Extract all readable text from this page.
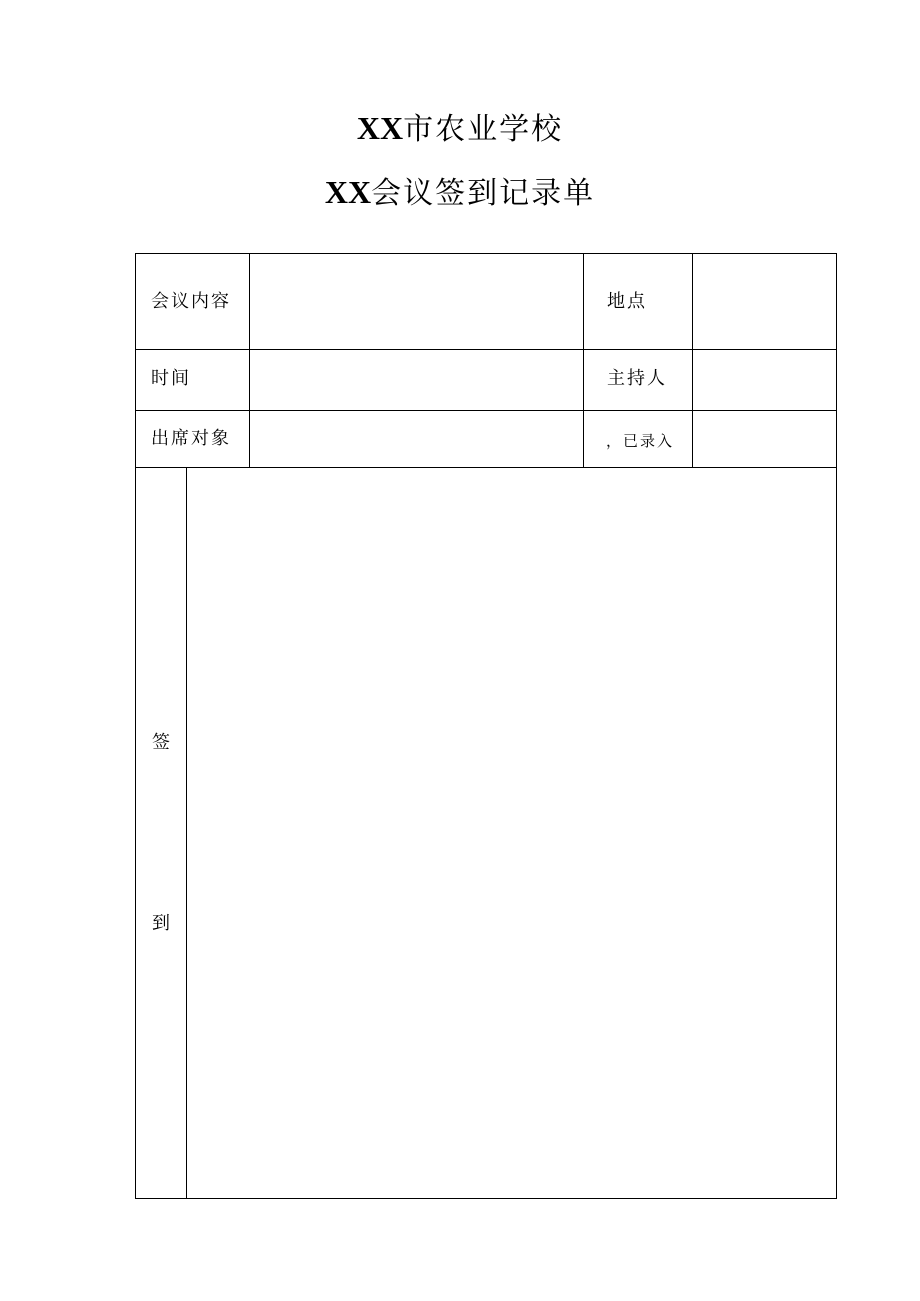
XX市农业学校
XX会议签到记录单
会议内容	地点
时间	主持人
出席对象	，已录入
签
到
